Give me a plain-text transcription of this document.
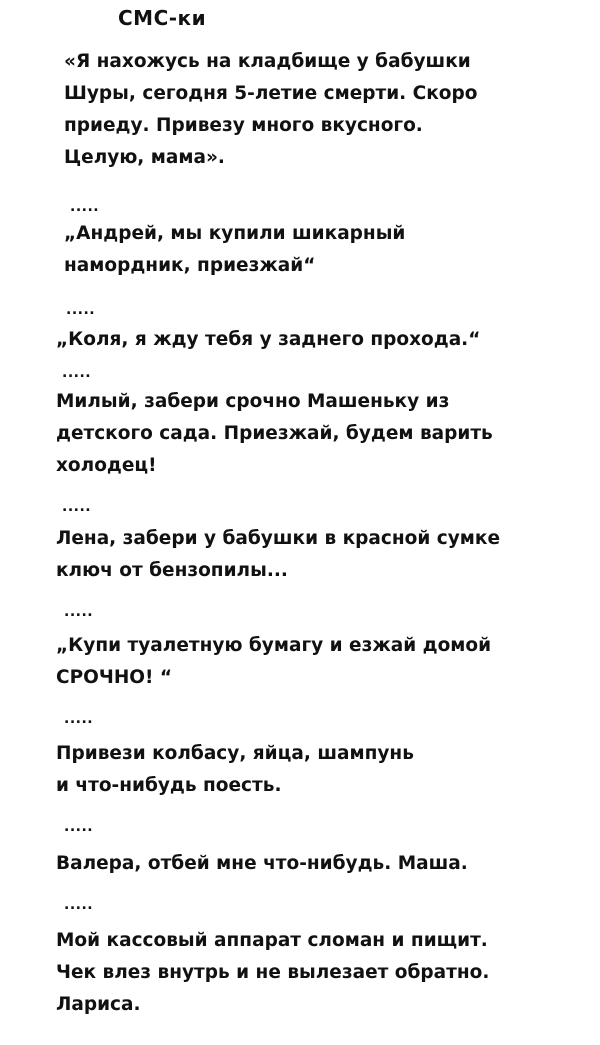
СМС-ки
«Я нахожусь на кладбище у бабушки
Шуры, сегодня 5-летие смерти. Скоро
приеду. Привезу много вкусного.
Целую, мама».
.....
„Андрей, мы купили шикарный
намордник, приезжай“
.....
„Коля, я жду тебя у заднего прохода.“
.....
Милый, забери срочно Машеньку из
детского сада. Приезжай, будем варить
холодец!
.....
Лена, забери у бабушки в красной сумке
ключ от бензопилы...
.....
„Купи туалетную бумагу и езжай домой
СРОЧНО! “
.....
Привези колбасу, яйца, шампунь
и что-нибудь поесть.
.....
Валера, отбей мне что-нибудь. Маша.
.....
Мой кассовый аппарат сломан и пищит.
Чек влез внутрь и не вылезает обратно.
Лариса.
